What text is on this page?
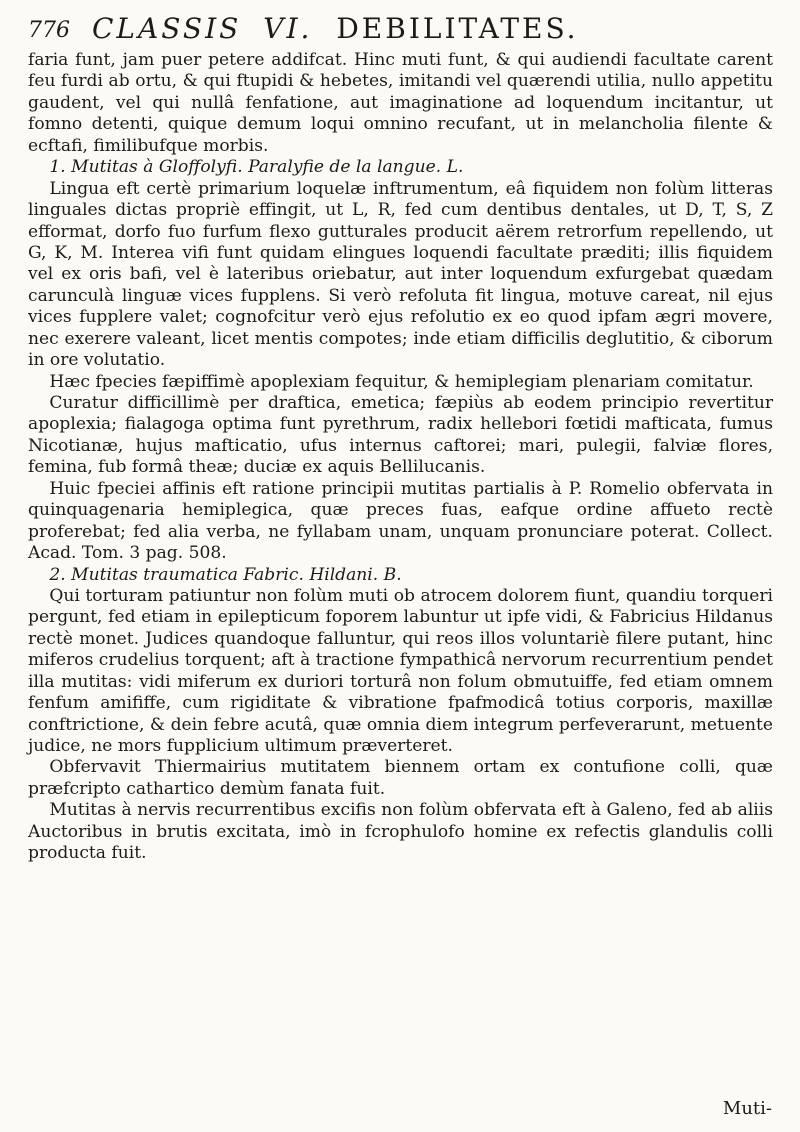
776 CLASSIS VI. DEBILITATES.

faria funt, jam puer petere addifcat. Hinc muti funt, & qui audiendi facultate carent feu furdi ab ortu, & qui ftupidi & hebetes, imitandi vel quærendi utilia, nullo appetitu gaudent, vel qui nullâ fenfatione, aut imaginatione ad loquendum incitantur, ut fomno detenti, quique demum loqui omnino recufant, ut in melancholia filente & ecftafi, fimilibufque morbis.

1. Mutitas à Gloffolyfi. Paralyfie de la langue. L.

Lingua eft certè primarium loquelæ inftrumentum, eâ fiquidem non folùm litteras linguales dictas propriè effingit, ut L, R, fed cum dentibus dentales, ut D, T, S, Z efformat, dorfo fuo furfum flexo gutturales producit aërem retrorfum repellendo, ut G, K, M. Interea vifi funt quidam elingues loquendi facultate præditi; illis fiquidem vel ex oris bafi, vel è lateribus oriebatur, aut inter loquendum exfurgebat quædam carunculà linguæ vices fupplens. Si verò refoluta fit lingua, motuve careat, nil ejus vices fupplere valet; cognofcitur verò ejus refolutio ex eo quod ipfam ægri movere, nec exerere valeant, licet mentis compotes; inde etiam difficilis deglutitio, & ciborum in ore volutatio.

Hæc fpecies fæpiffimè apoplexiam fequitur, & hemiplegiam plenariam comitatur.

Curatur difficillimè per draftica, emetica; fæpiùs ab eodem principio revertitur apoplexia; fialagoga optima funt pyrethrum, radix hellebori fœtidi mafticata, fumus Nicotianæ, hujus mafticatio, ufus internus caftorei; mari, pulegii, falviæ flores, femina, fub formâ theæ; duciæ ex aquis Bellilucanis.

Huic fpeciei affinis eft ratione principii mutitas partialis à P. Romelio obfervata in quinquagenaria hemiplegica, quæ preces fuas, eafque ordine affueto rectè proferebat; fed alia verba, ne fyllabam unam, unquam pronunciare poterat. Collect. Acad. Tom. 3 pag. 508.

2. Mutitas traumatica Fabric. Hildani. B.

Qui torturam patiuntur non folùm muti ob atrocem dolorem fiunt, quandiu torqueri pergunt, fed etiam in epilepticum foporem labuntur ut ipfe vidi, & Fabricius Hildanus rectè monet. Judices quandoque falluntur, qui reos illos voluntariè filere putant, hinc miferos crudelius torquent; aft à tractione fympathicâ nervorum recurrentium pendet illa mutitas: vidi miferum ex duriori torturâ non folum obmutuiffe, fed etiam omnem fenfum amififfe, cum rigiditate & vibratione fpafmodicâ totius corporis, maxillæ conftrictione, & dein febre acutâ, quæ omnia diem integrum perfeverarunt, metuente judice, ne mors fupplicium ultimum præverteret.

Obfervavit Thiermairius mutitatem biennem ortam ex contufione colli, quæ præfcripto cathartico demùm fanata fuit.

Mutitas à nervis recurrentibus excifis non folùm obfervata eft à Galeno, fed ab aliis Auctoribus in brutis excitata, imò in fcrophulofo homine ex refectis glandulis colli producta fuit.

Muti-
